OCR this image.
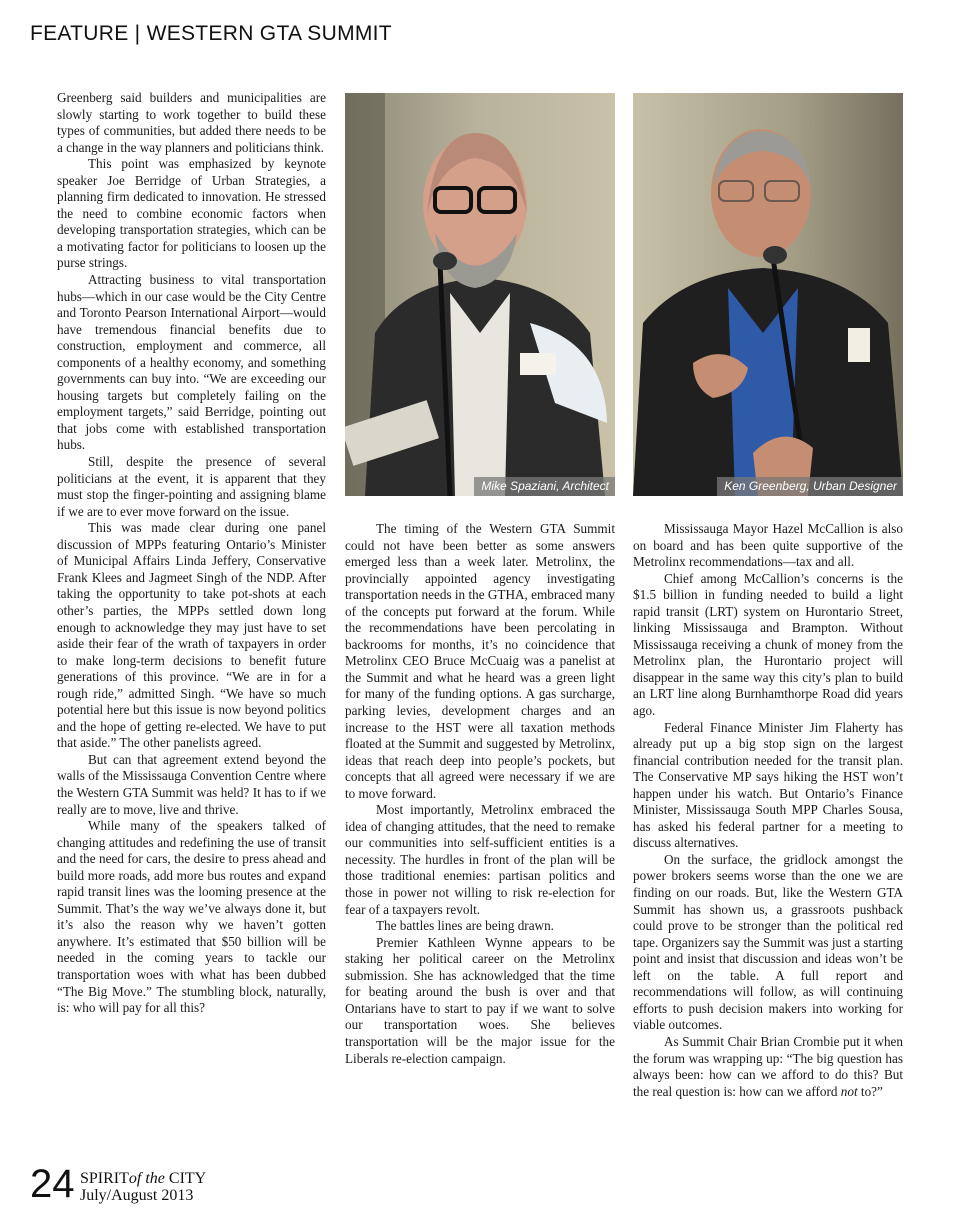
FEATURE | WESTERN GTA SUMMIT

Greenberg said builders and municipalities are slowly starting to work together to build these types of communities, but added there needs to be a change in the way planners and politicians think.

This point was emphasized by keynote speaker Joe Berridge of Urban Strategies, a planning firm dedicated to innovation. He stressed the need to combine economic factors when developing transportation strategies, which can be a motivating factor for politicians to loosen up the purse strings.

Attracting business to vital transportation hubs—which in our case would be the City Centre and Toronto Pearson International Airport—would have tremendous financial benefits due to construction, employment and commerce, all components of a healthy economy, and something governments can buy into. “We are exceeding our housing targets but completely failing on the employment targets,” said Berridge, pointing out that jobs come with established transportation hubs.

Still, despite the presence of several politicians at the event, it is apparent that they must stop the finger-pointing and assigning blame if we are to ever move forward on the issue.

This was made clear during one panel discussion of MPPs featuring Ontario’s Minister of Municipal Affairs Linda Jeffery, Conservative Frank Klees and Jagmeet Singh of the NDP. After taking the opportunity to take pot-shots at each other’s parties, the MPPs settled down long enough to acknowledge they may just have to set aside their fear of the wrath of taxpayers in order to make long-term decisions to benefit future generations of this province. “We are in for a rough ride,” admitted Singh. “We have so much potential here but this issue is now beyond politics and the hope of getting re-elected. We have to put that aside.” The other panelists agreed.

But can that agreement extend beyond the walls of the Mississauga Convention Centre where the Western GTA Summit was held? It has to if we really are to move, live and thrive.

While many of the speakers talked of changing attitudes and redefining the use of transit and the need for cars, the desire to press ahead and build more roads, add more bus routes and expand rapid transit lines was the looming presence at the Summit. That’s the way we’ve always done it, but it’s also the reason why we haven’t gotten anywhere. It’s estimated that $50 billion will be needed in the coming years to tackle our transportation woes with what has been dubbed “The Big Move.” The stumbling block, naturally, is: who will pay for all this?

Mike Spaziani, Architect	Ken Greenberg, Urban Designer

The timing of the Western GTA Summit could not have been better as some answers emerged less than a week later. Metrolinx, the provincially appointed agency investigating transportation needs in the GTHA, embraced many of the concepts put forward at the forum. While the recommendations have been percolating in backrooms for months, it’s no coincidence that Metrolinx CEO Bruce McCuaig was a panelist at the Summit and what he heard was a green light for many of the funding options. A gas surcharge, parking levies, development charges and an increase to the HST were all taxation methods floated at the Summit and suggested by Metrolinx, ideas that reach deep into people’s pockets, but concepts that all agreed were necessary if we are to move forward.

Most importantly, Metrolinx embraced the idea of changing attitudes, that the need to remake our communities into self-sufficient entities is a necessity. The hurdles in front of the plan will be those traditional enemies: partisan politics and those in power not willing to risk re-election for fear of a taxpayers revolt.

The battles lines are being drawn.

Premier Kathleen Wynne appears to be staking her political career on the Metrolinx submission. She has acknowledged that the time for beating around the bush is over and that Ontarians have to start to pay if we want to solve our transportation woes. She believes transportation will be the major issue for the Liberals re-election campaign.

Mississauga Mayor Hazel McCallion is also on board and has been quite supportive of the Metrolinx recommendations—tax and all.

Chief among McCallion’s concerns is the $1.5 billion in funding needed to build a light rapid transit (LRT) system on Hurontario Street, linking Mississauga and Brampton. Without Mississauga receiving a chunk of money from the Metrolinx plan, the Hurontario project will disappear in the same way this city’s plan to build an LRT line along Burnhamthorpe Road did years ago.

Federal Finance Minister Jim Flaherty has already put up a big stop sign on the largest financial contribution needed for the transit plan. The Conservative MP says hiking the HST won’t happen under his watch. But Ontario’s Finance Minister, Mississauga South MPP Charles Sousa, has asked his federal partner for a meeting to discuss alternatives.

On the surface, the gridlock amongst the power brokers seems worse than the one we are finding on our roads. But, like the Western GTA Summit has shown us, a grassroots pushback could prove to be stronger than the political red tape. Organizers say the Summit was just a starting point and insist that discussion and ideas won’t be left on the table. A full report and recommendations will follow, as will continuing efforts to push decision makers into working for viable outcomes.

As Summit Chair Brian Crombie put it when the forum was wrapping up: “The big question has always been: how can we afford to do this? But the real question is: how can we afford not to?”

24 SPIRITof the CITY
July/August 2013
